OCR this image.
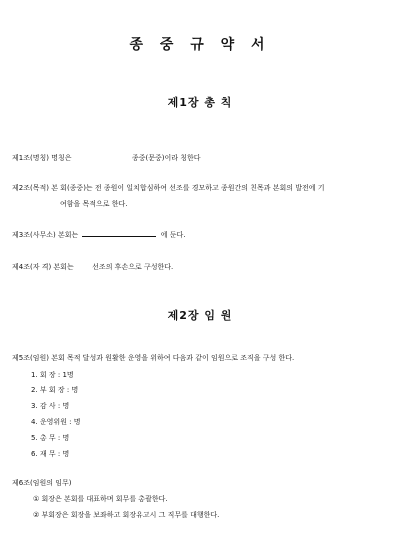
종 중 규 약 서
제1장 총 칙
제1조(명칭) 명칭은	종중(문중)이라 칭한다
제2조(목적) 본 회(종중)는 전 종원이 일치합심하여 선조를 경모하고 종원간의 친목과 본회의 발전에 기
여함을 목적으로 한다.
제3조(사무소) 본회는	에 둔다.
제4조(자 격) 본회는	선조의 후손으로 구성한다.
제2장 임 원
제5조(임원) 본회 목적 달성과 원활한 운영을 위하여 다음과 같이 임원으로 조직을 구성 한다.
1. 회 장 : 1명
2. 부 회 장 : 명
3. 감 사 : 명
4. 운영위원 : 명
5. 총 무 : 명
6. 재 무 : 명
제6조(임원의 임무)
① 회장은 본회를 대표하며 회무를 총괄한다.
② 부회장은 회장을 보좌하고 회장유고시 그 직무를 대행한다.
